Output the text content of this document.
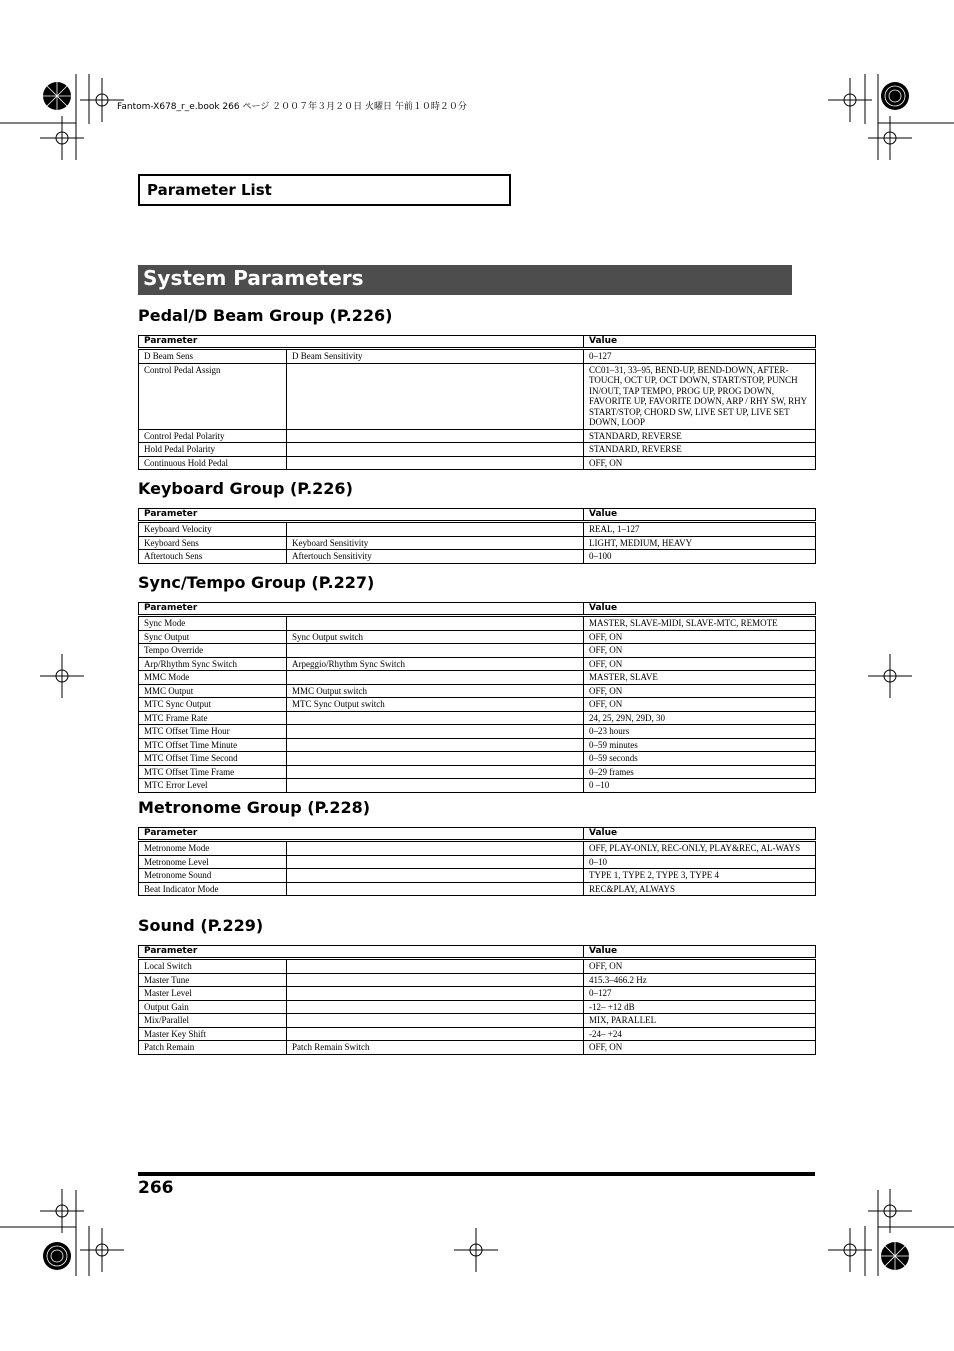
Fantom-X678_r_e.book 266 ページ ２００７年３月２０日 火曜日 午前１０時２０分
Parameter List
System Parameters
Pedal/D Beam Group (P.226)
Parameter		Value
D Beam Sens	D Beam Sensitivity	0–127
Control Pedal Assign		CC01–31, 33–95, BEND-UP, BEND-DOWN, AFTER-TOUCH, OCT UP, OCT DOWN, START/STOP, PUNCH IN/OUT, TAP TEMPO, PROG UP, PROG DOWN, FAVORITE UP, FAVORITE DOWN, ARP / RHY SW, RHY START/STOP, CHORD SW, LIVE SET UP, LIVE SET DOWN, LOOP
Control Pedal Polarity		STANDARD, REVERSE
Hold Pedal Polarity		STANDARD, REVERSE
Continuous Hold Pedal		OFF, ON
Keyboard Group (P.226)
Parameter		Value
Keyboard Velocity		REAL, 1–127
Keyboard Sens	Keyboard Sensitivity	LIGHT, MEDIUM, HEAVY
Aftertouch Sens	Aftertouch Sensitivity	0–100
Sync/Tempo Group (P.227)
Parameter		Value
Sync Mode		MASTER, SLAVE-MIDI, SLAVE-MTC, REMOTE
Sync Output	Sync Output switch	OFF, ON
Tempo Override		OFF, ON
Arp/Rhythm Sync Switch	Arpeggio/Rhythm Sync Switch	OFF, ON
MMC Mode		MASTER, SLAVE
MMC Output	MMC Output switch	OFF, ON
MTC Sync Output	MTC Sync Output switch	OFF, ON
MTC Frame Rate		24, 25, 29N, 29D, 30
MTC Offset Time Hour		0–23 hours
MTC Offset Time Minute		0–59 minutes
MTC Offset Time Second		0–59 seconds
MTC Offset Time Frame		0–29 frames
MTC Error Level		0 –10
Metronome Group (P.228)
Parameter		Value
Metronome Mode		OFF, PLAY-ONLY, REC-ONLY, PLAY&REC, AL-WAYS
Metronome Level		0–10
Metronome Sound		TYPE 1, TYPE 2, TYPE 3, TYPE 4
Beat Indicator Mode		REC&PLAY, ALWAYS
Sound (P.229)
Parameter		Value
Local Switch		OFF, ON
Master Tune		415.3–466.2 Hz
Master Level		0–127
Output Gain		-12– +12 dB
Mix/Parallel		MIX, PARALLEL
Master Key Shift		-24– +24
Patch Remain	Patch Remain Switch	OFF, ON
266
